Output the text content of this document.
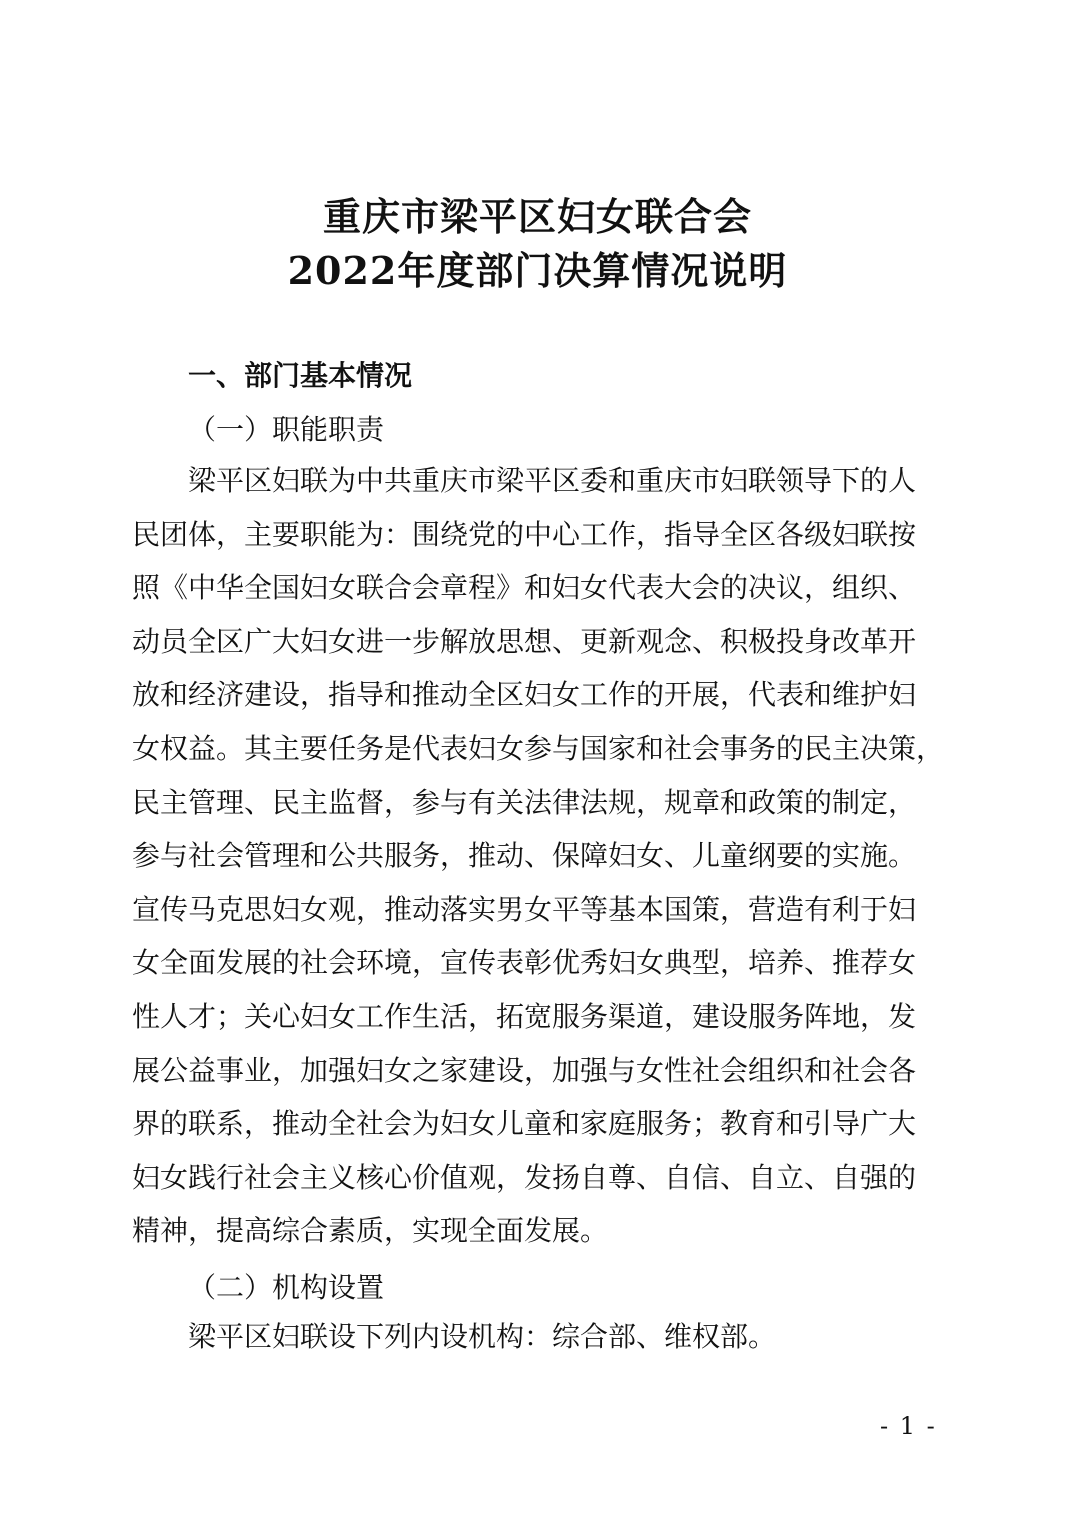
重庆市梁平区妇女联合会
2022年度部门决算情况说明
一、部门基本情况
（一）职能职责
梁平区妇联为中共重庆市梁平区委和重庆市妇联领导下的人
民团体，主要职能为：围绕党的中心工作，指导全区各级妇联按
照《中华全国妇女联合会章程》和妇女代表大会的决议，组织、
动员全区广大妇女进一步解放思想、更新观念、积极投身改革开
放和经济建设，指导和推动全区妇女工作的开展，代表和维护妇
女权益。其主要任务是代表妇女参与国家和社会事务的民主决策，
民主管理、民主监督，参与有关法律法规，规章和政策的制定，
参与社会管理和公共服务，推动、保障妇女、儿童纲要的实施。
宣传马克思妇女观，推动落实男女平等基本国策，营造有利于妇
女全面发展的社会环境，宣传表彰优秀妇女典型，培养、推荐女
性人才；关心妇女工作生活，拓宽服务渠道，建设服务阵地，发
展公益事业，加强妇女之家建设，加强与女性社会组织和社会各
界的联系，推动全社会为妇女儿童和家庭服务；教育和引导广大
妇女践行社会主义核心价值观，发扬自尊、自信、自立、自强的
精神，提高综合素质，实现全面发展。
（二）机构设置
梁平区妇联设下列内设机构：综合部、维权部。
- 1 -
